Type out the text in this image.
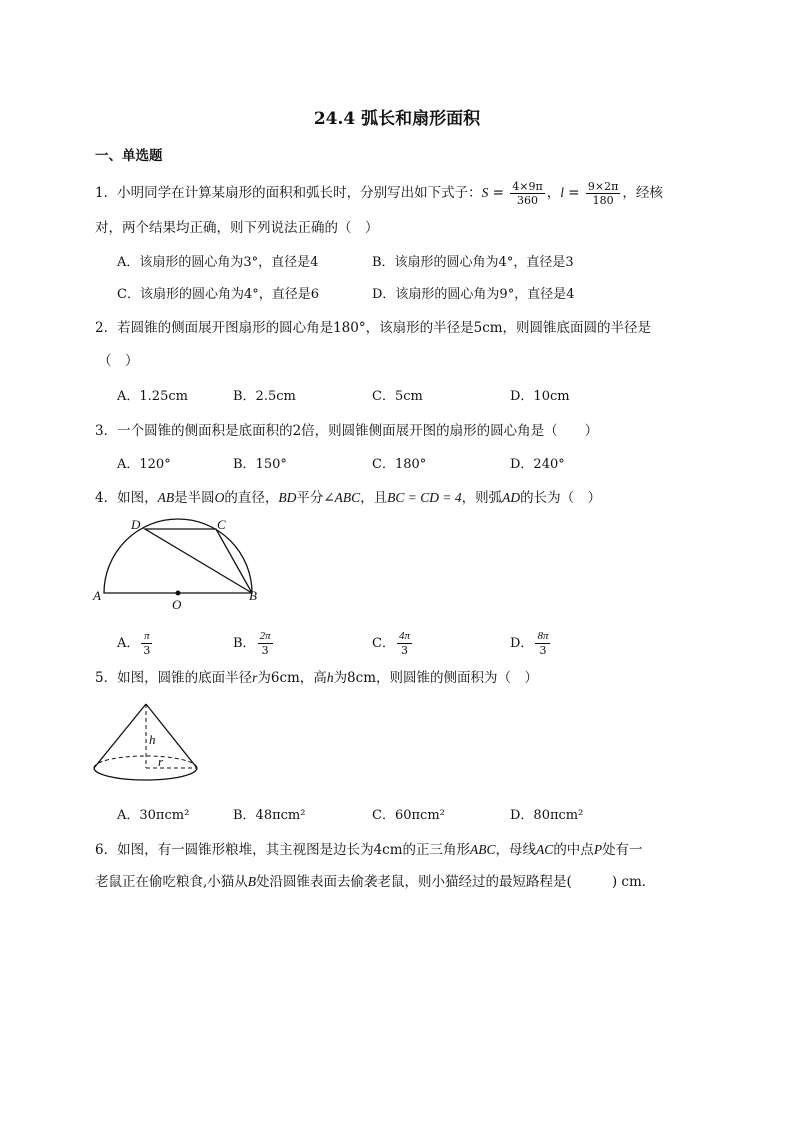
24.4 弧长和扇形面积
一、单选题
1．小明同学在计算某扇形的面积和弧长时，分别写出如下式子：$S = \frac{4\times 9\pi}{360}$ ，$l = \frac{9\times 2\pi}{180}$ ，经核
对，两个结果均正确，则下列说法正确的（　）
A．该扇形的圆心角为3°，直径是4	B．该扇形的圆心角为4°，直径是3
C．该扇形的圆心角为4°，直径是6	D．该扇形的圆心角为9°，直径是4
2．若圆锥的侧面展开图扇形的圆心角是180°，该扇形的半径是5cm，则圆锥底面圆的半径是
（　）
A．1.25cm	B．2.5cm	C．5cm	D．10cm
3．一个圆锥的侧面积是底面积的2倍，则圆锥侧面展开图的扇形的圆心角是（　　）
A．120°	B．150°	C．180°	D．240°
4．如图，AB是半圆O的直径，BD平分∠ABC，且BC = CD = 4，则弧AD的长为（　）
A	B
C
D
O
A． $\frac{\pi}{3}$	B． $\frac{2\pi}{3}$	C． $\frac{4\pi}{3}$	D． $\frac{8\pi}{3}$
5．如图，圆锥的底面半径r为6cm，高h为8cm，则圆锥的侧面积为（　）
h
r
A．30πcm²	B．48πcm²	C．60πcm²	D．80πcm²
6．如图，有一圆锥形粮堆，其主视图是边长为4cm的正三角形ABC，母线AC的中点P处有一
老鼠正在偷吃粮食,小猫从B处沿圆锥表面去偷袭老鼠，则小猫经过的最短路程是(	) cm．
